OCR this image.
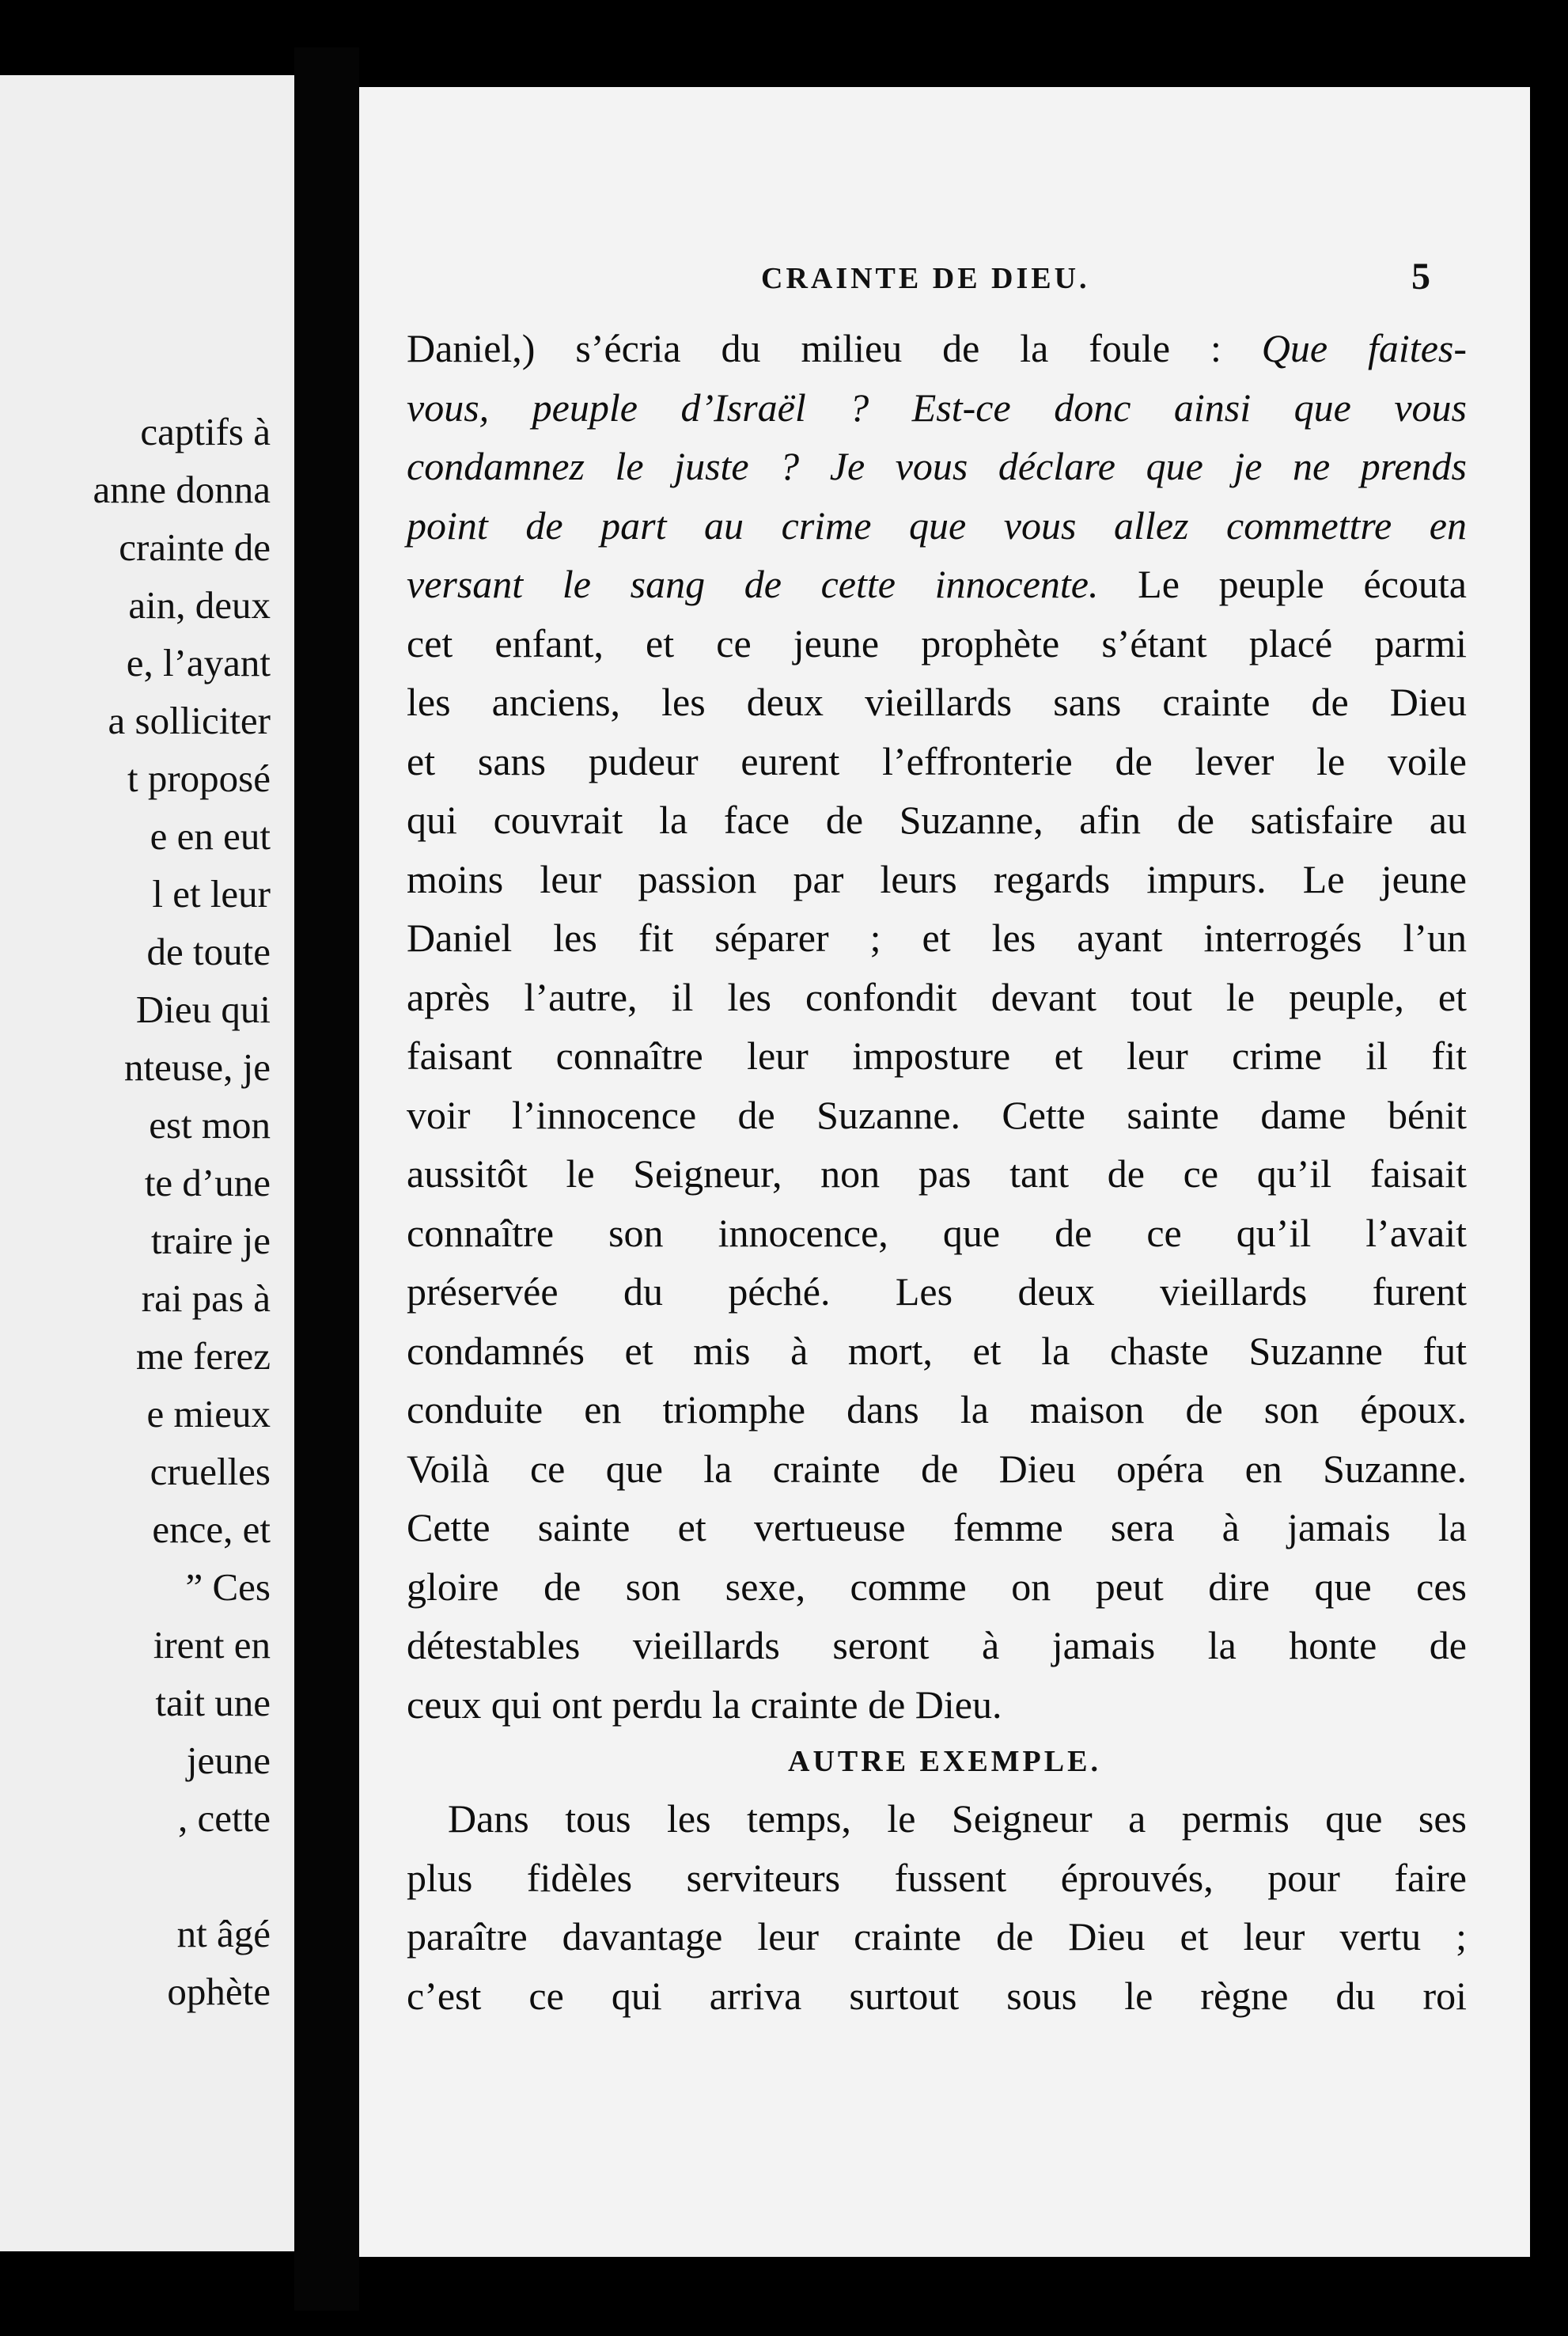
captifs à
anne donna
crainte de
ain, deux
e, l’ayant
a solliciter
t proposé
e en eut
l et leur
de toute
Dieu qui
nteuse, je
est mon
te d’une
traire je
rai pas à
me ferez
e mieux
cruelles
ence, et
” Ces
irent en
tait une
jeune
, cette
nt âgé
ophète
CRAINTE DE DIEU.	5
AUTRE EXEMPLE.
Daniel,) s’écria du milieu de la foule : Que faites-
vous, peuple d’Israël ? Est-ce donc ainsi que vous
condamnez le juste ? Je vous déclare que je ne prends
point de part au crime que vous allez commettre en
versant le sang de cette innocente. Le peuple écouta
cet enfant, et ce jeune prophète s’étant placé parmi
les anciens, les deux vieillards sans crainte de Dieu
et sans pudeur eurent l’effronterie de lever le voile
qui couvrait la face de Suzanne, afin de satisfaire au
moins leur passion par leurs regards impurs. Le jeune
Daniel les fit séparer ; et les ayant interrogés l’un
après l’autre, il les confondit devant tout le peuple, et
faisant connaître leur imposture et leur crime il fit
voir l’innocence de Suzanne. Cette sainte dame bénit
aussitôt le Seigneur, non pas tant de ce qu’il faisait
connaître son innocence, que de ce qu’il l’avait
préservée du péché. Les deux vieillards furent
condamnés et mis à mort, et la chaste Suzanne fut
conduite en triomphe dans la maison de son époux.
Voilà ce que la crainte de Dieu opéra en Suzanne.
Cette sainte et vertueuse femme sera à jamais la
gloire de son sexe, comme on peut dire que ces
détestables vieillards seront à jamais la honte de
ceux qui ont perdu la crainte de Dieu.
Dans tous les temps, le Seigneur a permis que ses
plus fidèles serviteurs fussent éprouvés, pour faire
paraître davantage leur crainte de Dieu et leur vertu ;
c’est ce qui arriva surtout sous le règne du roi
